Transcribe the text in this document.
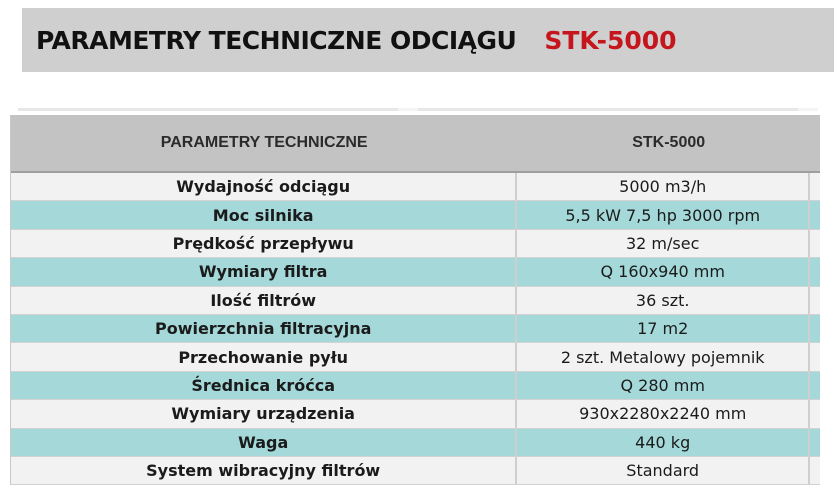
PARAMETRY TECHNICZNE ODCIĄGU STK-5000
PARAMETRY TECHNICZNE	STK-5000
Wydajność odciągu	5000 m3/h
Moc silnika	5,5 kW 7,5 hp 3000 rpm
Prędkość przepływu	32 m/sec
Wymiary filtra	Q 160x940 mm
Ilość filtrów	36 szt.
Powierzchnia filtracyjna	17 m2
Przechowanie pyłu	2 szt. Metalowy pojemnik
Średnica króćca	Q 280 mm
Wymiary urządzenia	930x2280x2240 mm
Waga	440 kg
System wibracyjny filtrów	Standard
